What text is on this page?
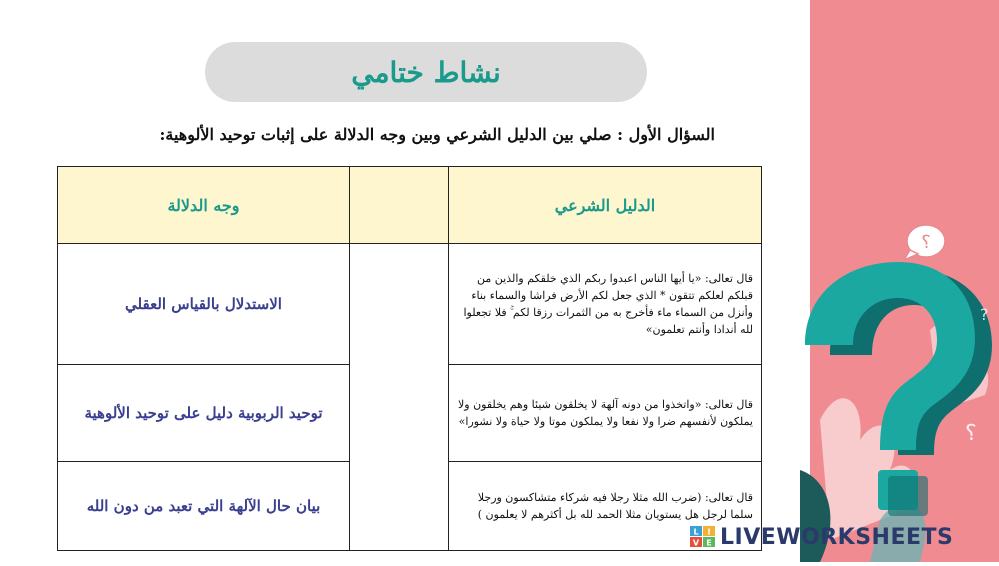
?
?
؟
؟
نشاط ختامي
السؤال الأول : صلي بين الدليل الشرعي وبين وجه الدلالة على إثبات توحيد الألوهية:
الدليل الشرعي		وجه الدلالة
قال تعالى: «يا أيها الناس اعبدوا ربكم الذي خلقكم والذين من قبلكم لعلكم تتقون * الذي جعل لكم الأرض فراشا والسماء بناء وأنزل من السماء ماء فأخرج به من الثمرات رزقا لكم ۚ فلا تجعلوا لله أندادا وأنتم تعلمون»		الاستدلال بالقياس العقلي
قال تعالى: «واتخذوا من دونه آلهة لا يخلقون شيئا وهم يخلقون ولا يملكون لأنفسهم ضرا ولا نفعا ولا يملكون موتا ولا حياة ولا نشورا»		توحيد الربوبية دليل على توحيد الألوهية
قال تعالى: (ضرب الله مثلا رجلا فيه شركاء متشاكسون ورجلا سلما لرجل هل يستويان مثلا الحمد لله بل أكثرهم لا يعلمون )		بيان حال الآلهة التي تعبد من دون الله
L I
V E LIVEWORKSHEETS
